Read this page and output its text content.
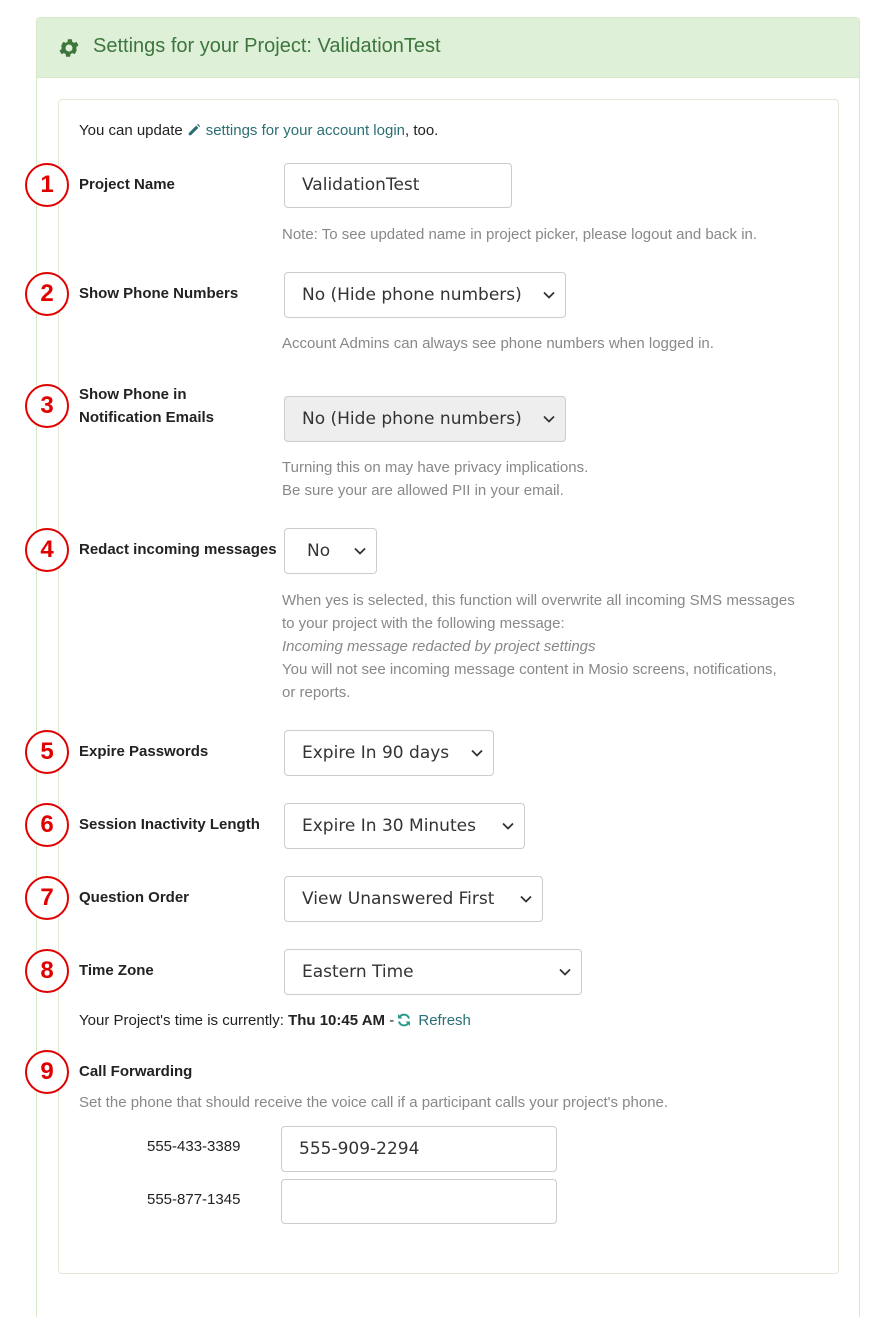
Settings for your Project: ValidationTest
You can update settings for your account login, too.
1	Project Name	ValidationTest
Note: To see updated name in project picker, please logout and back in.
2	Show Phone Numbers	No (Hide phone numbers)
Account Admins can always see phone numbers when logged in.
3	Show Phone in
Notification Emails	No (Hide phone numbers)
Turning this on may have privacy implications.
Be sure your are allowed PII in your email.
4	Redact incoming messages	No
When yes is selected, this function will overwrite all incoming SMS messages
to your project with the following message:
Incoming message redacted by project settings
You will not see incoming message content in Mosio screens, notifications,
or reports.
5	Expire Passwords	Expire In 90 days
6	Session Inactivity Length	Expire In 30 Minutes
7	Question Order	View Unanswered First
8	Time Zone	Eastern Time
Your Project's time is currently: Thu 10:45 AM - Refresh
9	Call Forwarding
Set the phone that should receive the voice call if a participant calls your project's phone.
555-433-3389	555-909-2294
555-877-1345
